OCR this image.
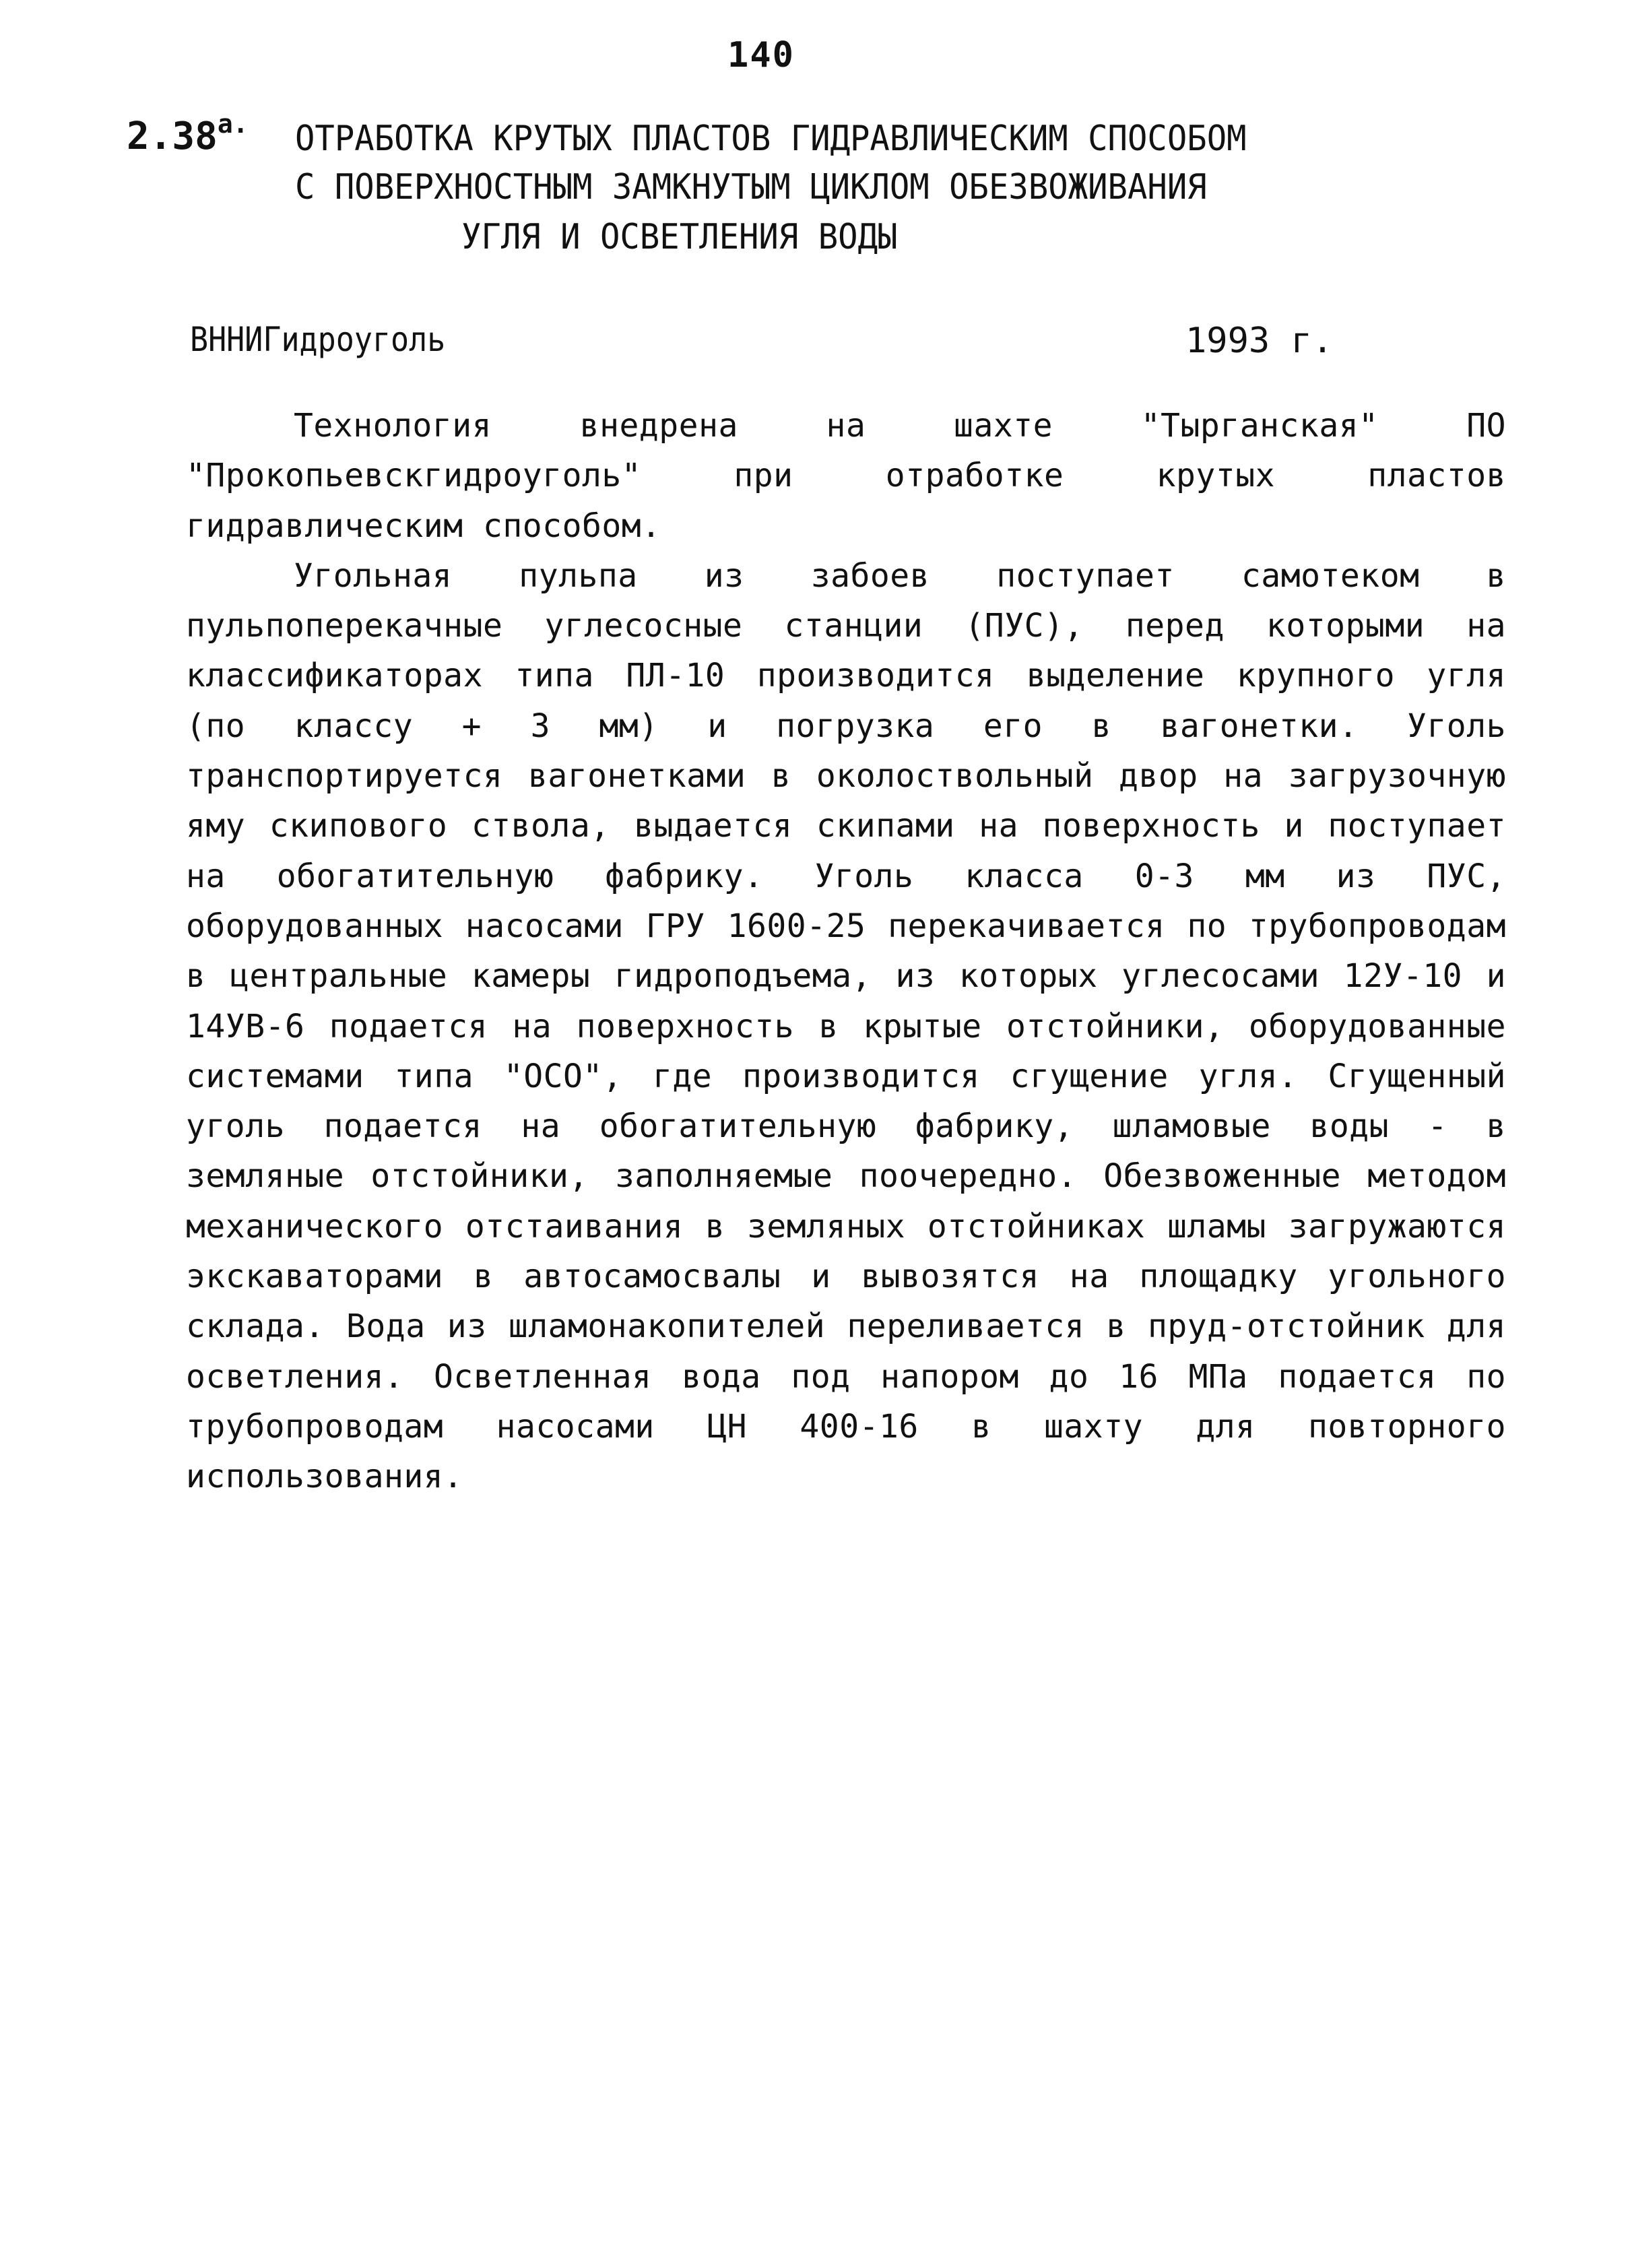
140
$2.38^{а.}$ ОТРАБОТКА КРУТЫХ ПЛАСТОВ ГИДРАВЛИЧЕСКИМ СПОСОБОМ
С ПОВЕРХНОСТНЫМ ЗАМКНУТЫМ ЦИКЛОМ ОБЕЗВОЖИВАНИЯ
УГЛЯ И ОСВЕТЛЕНИЯ ВОДЫ
ВННИГидроуголь	1993 г.

Технология внедрена на шахте "Тырганская" ПО "Прокопьевскгидроуголь" при отработке крутых пластов гидравлическим способом.

Угольная пульпа из забоев поступает самотеком в пульпоперекачные углесосные станции (ПУС), перед которыми на классификаторах типа ПЛ-10 производится выделение крупного угля (по классу + 3 мм) и погрузка его в вагонетки. Уголь транспортируется вагонетками в околоствольный двор на загрузочную яму скипового ствола, выдается скипами на поверхность и поступает на обогатительную фабрику. Уголь класса 0-3 мм из ПУС, оборудованных насосами ГРУ 1600-25 перекачивается по трубопроводам в центральные камеры гидроподъема, из которых углесосами 12У-10 и 14УВ-6 подается на поверхность в крытые отстойники, оборудованные системами типа "ОСО", где производится сгущение угля. Сгущенный уголь подается на обогатительную фабрику, шламовые воды - в земляные отстойники, заполняемые поочередно. Обезвоженные методом механического отстаивания в земляных отстойниках шламы загружаются экскаваторами в автосамосвалы и вывозятся на площадку угольного склада. Вода из шламонакопителей переливается в пруд-отстойник для осветления. Осветленная вода под напором до 16 МПа подается по трубопроводам насосами ЦН 400-16 в шахту для повторного использования.
